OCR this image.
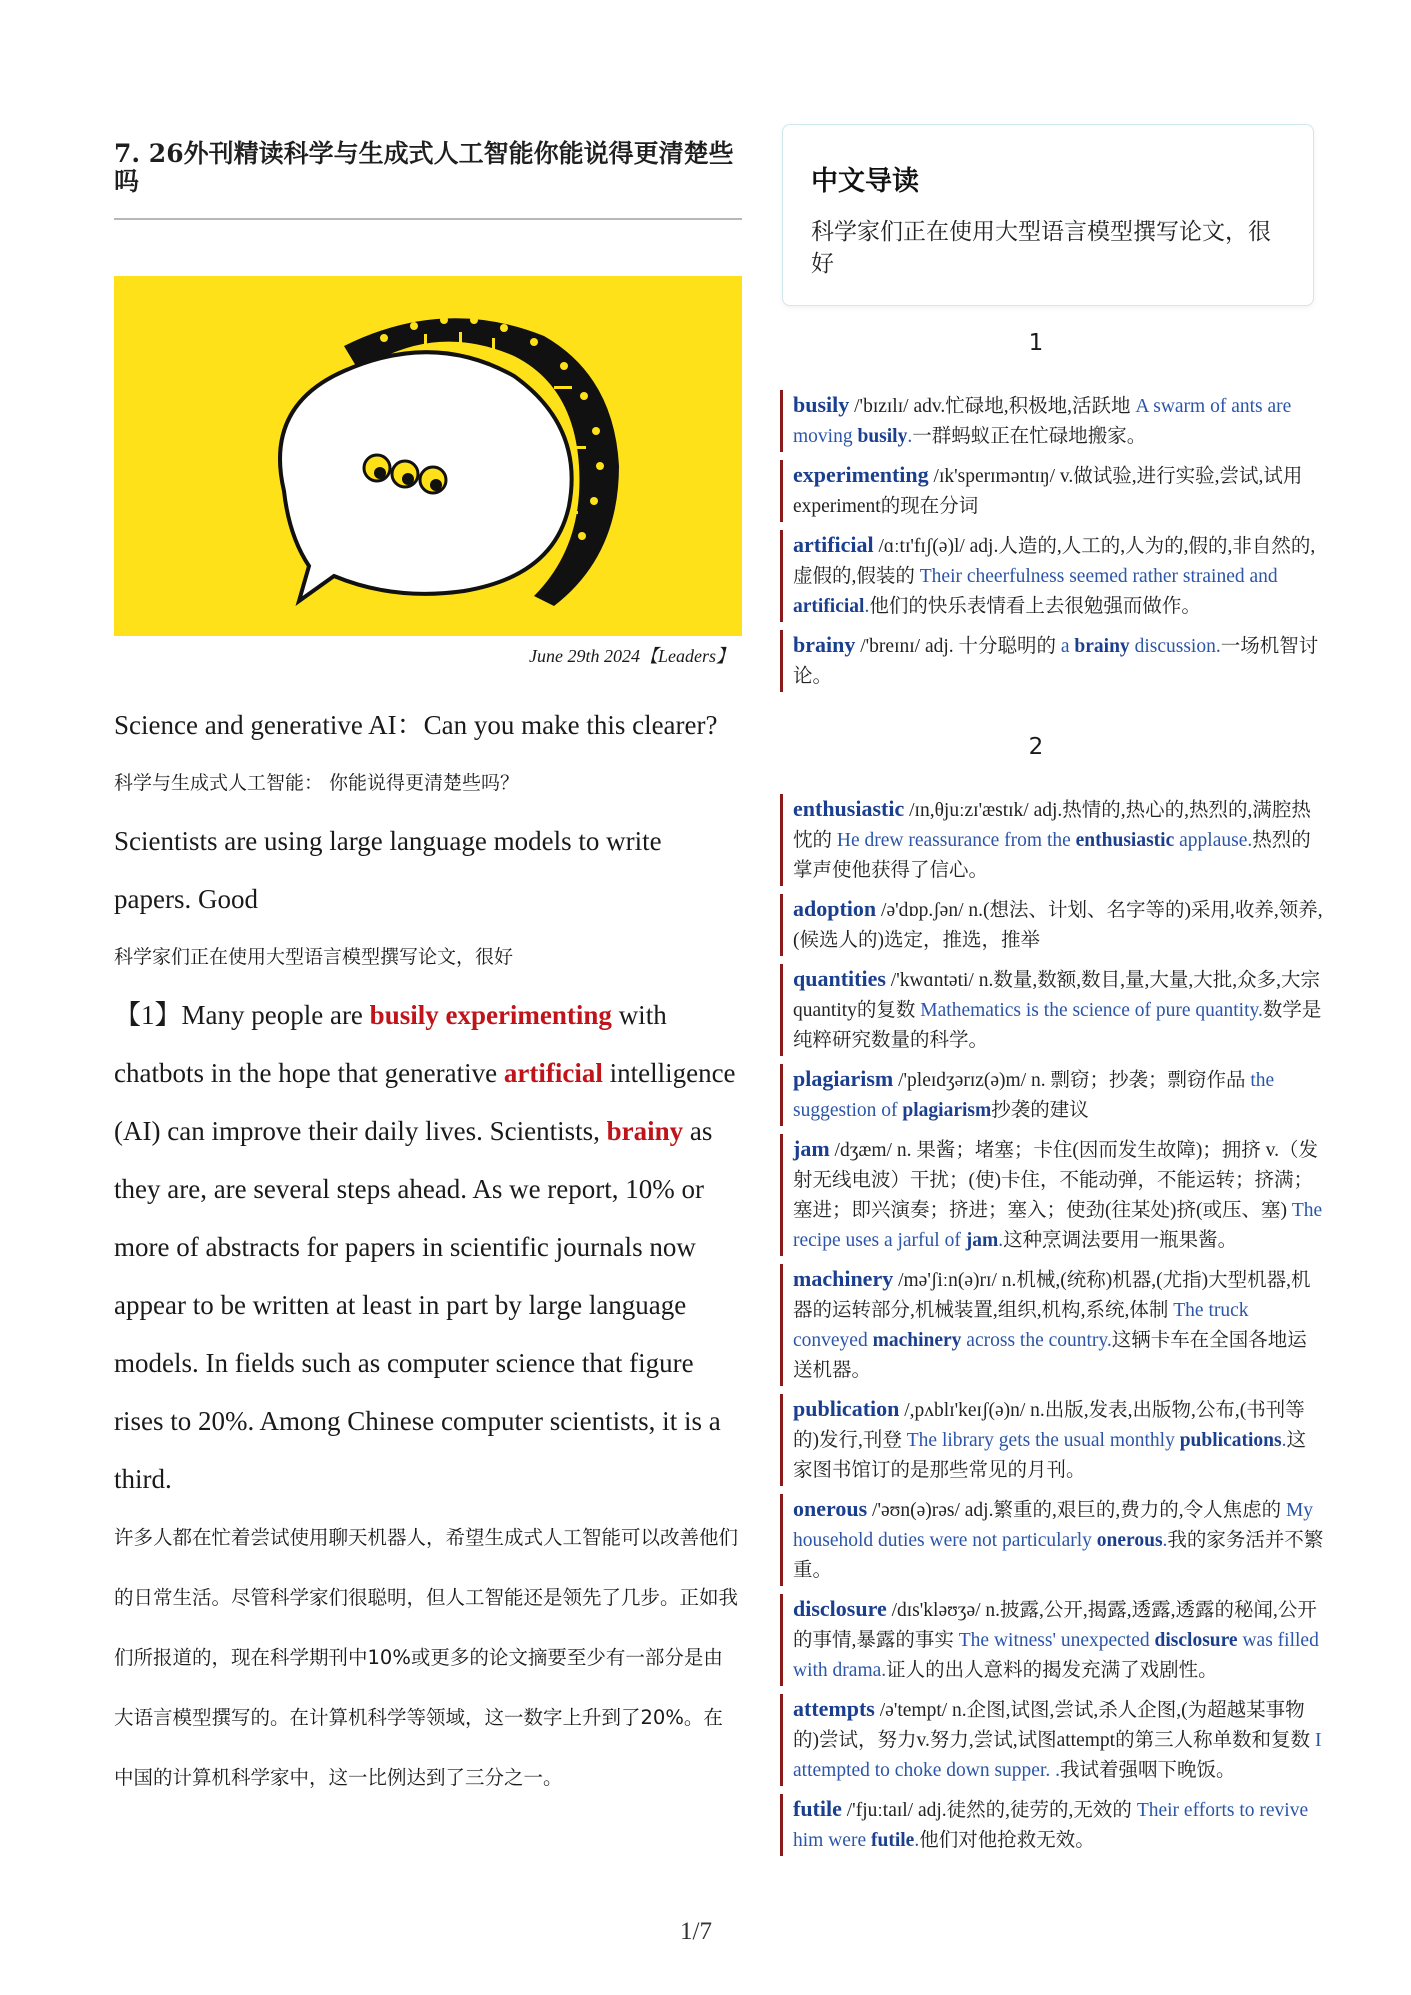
7. 26外刊精读科学与生成式人工智能你能说得更清楚些吗
June 29th 2024【Leaders】
Science and generative AI：Can you make this clearer?
科学与生成式人工智能： 你能说得更清楚些吗？
Scientists are using large language models to write papers. Good
科学家们正在使用大型语言模型撰写论文，很好
【1】Many people are busily experimenting with chatbots in the hope that generative artificial intelligence (AI) can improve their daily lives. Scientists, brainy as they are, are several steps ahead. As we report, 10% or more of abstracts for papers in scientific journals now appear to be written at least in part by large language models. In fields such as computer science that figure rises to 20%. Among Chinese computer scientists, it is a third.
许多人都在忙着尝试使用聊天机器人，希望生成式人工智能可以改善他们的日常生活。尽管科学家们很聪明，但人工智能还是领先了几步。正如我们所报道的，现在科学期刊中10%或更多的论文摘要至少有一部分是由大语言模型撰写的。在计算机科学等领域，这一数字上升到了20%。在中国的计算机科学家中，这一比例达到了三分之一。
中文导读
科学家们正在使用大型语言模型撰写论文，很好
1
busily /'bɪzɪlɪ/ adv.忙碌地,积极地,活跃地 A swarm of ants are moving busily.一群蚂蚁正在忙碌地搬家。
experimenting /ɪk'sperɪməntɪŋ/ v.做试验,进行实验,尝试,试用experiment的现在分词
artificial /ɑːtɪ'fɪʃ(ə)l/ adj.人造的,人工的,人为的,假的,非自然的,虚假的,假装的 Their cheerfulness seemed rather strained and artificial.他们的快乐表情看上去很勉强而做作。
brainy /'breɪnɪ/ adj. 十分聪明的 a brainy discussion.一场机智讨论。
2
enthusiastic /ɪn,θjuːzɪ'æstɪk/ adj.热情的,热心的,热烈的,满腔热忱的 He drew reassurance from the enthusiastic applause.热烈的掌声使他获得了信心。
adoption /ə'dɒp.ʃən/ n.(想法、计划、名字等的)采用,收养,领养,(候选人的)选定，推选，推举
quantities /'kwɑntəti/ n.数量,数额,数目,量,大量,大批,众多,大宗quantity的复数 Mathematics is the science of pure quantity.数学是纯粹研究数量的科学。
plagiarism /'pleɪdʒərɪz(ə)m/ n. 剽窃；抄袭；剽窃作品 the suggestion of plagiarism抄袭的建议
jam /dʒæm/ n. 果酱；堵塞；卡住(因而发生故障)；拥挤 v.（发射无线电波）干扰；(使)卡住，不能动弹，不能运转；挤满；塞进；即兴演奏；挤进；塞入；使劲(往某处)挤(或压、塞) The recipe uses a jarful of jam.这种烹调法要用一瓶果酱。
machinery /mə'ʃiːn(ə)rɪ/ n.机械,(统称)机器,(尤指)大型机器,机器的运转部分,机械装置,组织,机构,系统,体制 The truck conveyed machinery across the country.这辆卡车在全国各地运送机器。
publication /,pʌblɪ'keɪʃ(ə)n/ n.出版,发表,出版物,公布,(书刊等的)发行,刊登 The library gets the usual monthly publications.这家图书馆订的是那些常见的月刊。
onerous /'əʊn(ə)rəs/ adj.繁重的,艰巨的,费力的,令人焦虑的 My household duties were not particularly onerous.我的家务活并不繁重。
disclosure /dɪs'kləʊʒə/ n.披露,公开,揭露,透露,透露的秘闻,公开的事情,暴露的事实 The witness' unexpected disclosure was filled with drama.证人的出人意料的揭发充满了戏剧性。
attempts /ə'tempt/ n.企图,试图,尝试,杀人企图,(为超越某事物的)尝试，努力v.努力,尝试,试图attempt的第三人称单数和复数 I attempted to choke down supper. .我试着强咽下晚饭。
futile /'fjuːtaɪl/ adj.徒然的,徒劳的,无效的 Their efforts to revive him were futile.他们对他抢救无效。
1/7
